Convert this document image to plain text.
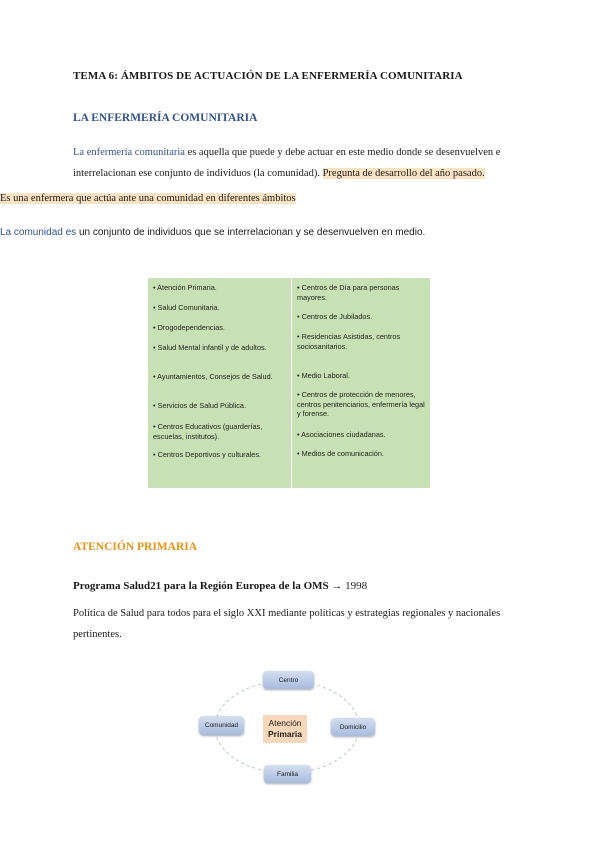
TEMA 6: ÁMBITOS DE ACTUACIÓN DE LA ENFERMERÍA COMUNITARIA
LA ENFERMERÍA COMUNITARIA
La enfermería comunitaria es aquella que puede y debe actuar en este medio donde se desenvuelven e interrelacionan ese conjunto de individuos (la comunidad). Pregunta de desarrollo del año pasado.
Es una enfermera que actúa ante una comunidad en diferentes ámbitos
La comunidad es un conjunto de individuos que se interrelacionan y se desenvuelven en medio.
• Atención Primaria.
• Salud Comunitaria.
• Drogodependencias.
• Salud Mental infantil y de adultos.
• Ayuntamientos, Consejos de Salud.
• Servicios de Salud Pública.
• Centros Educativos (guarderías, escuelas, institutos).
• Centros Deportivos y culturales.
• Centros de Día para personas mayores.
• Centros de Jubilados.
• Residencias Asistidas, centros sociosanitarios.
• Medio Laboral.
• Centros de protección de menores, centros penitenciarios, enfermería legal y forense.
• Asociaciones ciudadanas.
• Medios de comunicación.
ATENCIÓN PRIMARIA
Programa Salud21 para la Región Europea de la OMS → 1998
Política de Salud para todos para el siglo XXI mediante políticas y estrategias regionales y nacionales pertinentes.
Centro
Comunidad	Domicilio
Familia
Atención
Primaria
